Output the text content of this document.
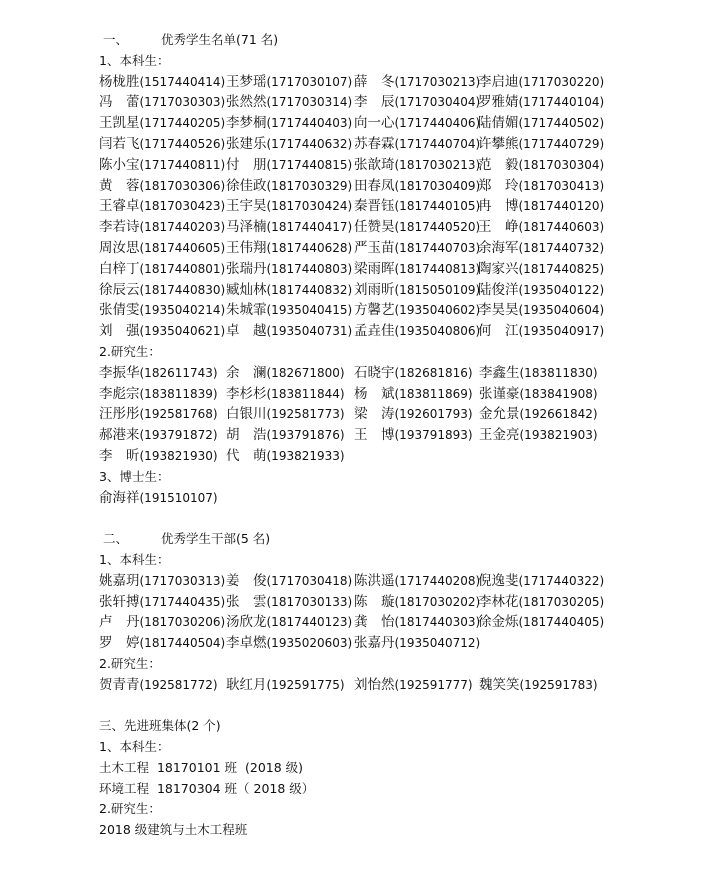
一、	优秀学生名单(71 名)
1、本科生：
杨栊胜(1517440414) 王梦瑶(1717030107) 薛　冬(1717030213)
李启迪(1717030220)
冯　蕾(1717030303) 张然然(1717030314) 李　辰(1717030404)
罗雅婧(1717440104)
王凯星(1717440205) 李梦桐(1717440403) 向一心(1717440406)
陆倩媚(1717440502)
闫若飞(1717440526) 张建乐(1717440632) 苏春霖(1717440704)
许攀熊(1717440729)
陈小宝(1717440811) 付　朋(1717440815) 张歆琦(1817030213)
范　毅(1817030304)
黄　蓉(1817030306) 徐佳政(1817030329) 田春凤(1817030409)
郑　玲(1817030413)
王睿卓(1817030423) 王宇昊(1817030424) 秦晋钰(1817440105)
冉　博(1817440120)
李若诗(1817440203) 马泽楠(1817440417) 任赞昊(1817440520)
王　峥(1817440603)
周汝思(1817440605) 王伟翔(1817440628) 严玉苗(1817440703)
余海军(1817440732)
白梓丁(1817440801) 张瑞丹(1817440803) 梁雨晖(1817440813)
陶家兴(1817440825)
徐辰云(1817440830) 臧灿林(1817440832) 刘雨昕(1815050109)
陆俊洋(1935040122)
张倩雯(1935040214) 朱城霏(1935040415) 方馨艺(1935040602)
李昊昊(1935040604)
刘　强(1935040621) 卓　越(1935040731) 孟垚佳(1935040806)
何　江(1935040917)
2.研究生：
李振华(182611743) 余　澜(182671800) 石晓宇(182681816) 李鑫生(183811830)
李彪宗(183811839) 李杉杉(183811844) 杨　斌(183811869) 张谨豪(183841908)
汪彤彤(192581768) 白银川(192581773) 梁　涛(192601793) 金允景(192661842)
郝港来(193791872) 胡　浩(193791876) 王　博(193791893) 王金亮(193821903)
李　昕(193821930) 代　萌(193821933)
3、博士生：
俞海祥(191510107)
二、	优秀学生干部(5 名)
1、本科生：
姚嘉玥(1717030313) 姜　俊(1717030418) 陈洪遥(1717440208)
倪逸斐(1717440322)
张轩搏(1717440435) 张　雲(1817030133) 陈　璇(1817030202)
李林花(1817030205)
卢　丹(1817030206) 汤欣龙(1817440123) 龚　怡(1817440303)
徐金烁(1817440405)
罗　婷(1817440504) 李卓燃(1935020603) 张嘉丹(1935040712)
2.研究生：
贺青青(192581772) 耿红月(192591775) 刘怡然(192591777) 魏笑笑(192591783)
三、先进班集体(2 个)
1、本科生：
土木工程  18170101 班  (2018 级)
环境工程  18170304 班（ 2018 级）
2.研究生：
2018 级建筑与土木工程班
